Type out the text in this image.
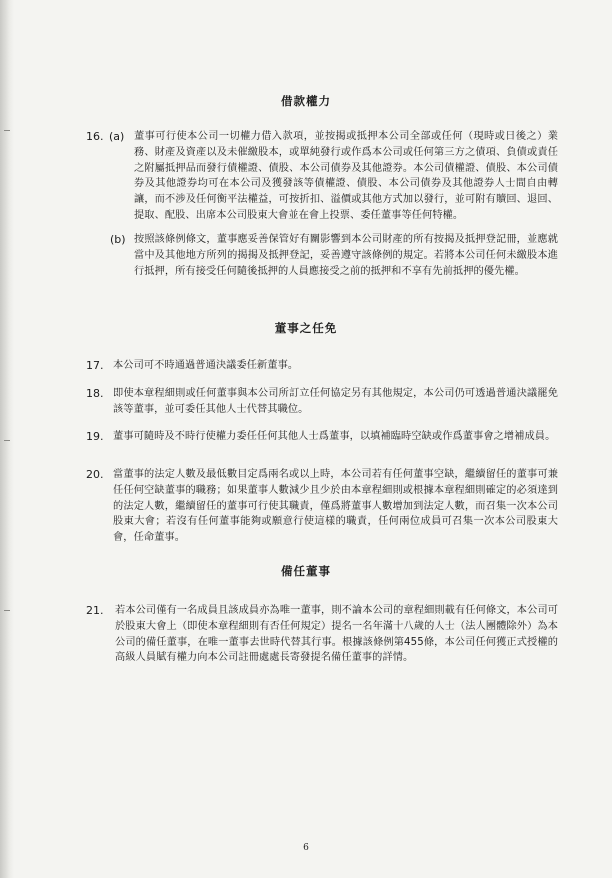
借款權力
16. (a) 董事可行使本公司一切權力借入款項，並按揭或抵押本公司全部或任何（現時或日後之）業務、財產及資產以及未催繳股本，或單純發行或作爲本公司或任何第三方之債項、負債或責任之附屬抵押品而發行債權證、債股、本公司債券及其他證券。本公司債權證、債股、本公司債券及其他證券均可在本公司及獲發該等債權證、債股、本公司債券及其他證券人士間自由轉讓，而不涉及任何衡平法權益，可按折扣、溢價或其他方式加以發行，並可附有贖回、退回、提取、配股、出席本公司股東大會並在會上投票、委任董事等任何特權。
(b) 按照該條例條文，董事應妥善保管好有關影響到本公司財產的所有按揭及抵押登記冊，並應就當中及其他地方所列的揭揭及抵押登記，妥善遵守該條例的規定。若將本公司任何未繳股本進行抵押，所有接受任何隨後抵押的人員應接受之前的抵押和不享有先前抵押的優先權。
董事之任免
17. 本公司可不時通過普通決議委任新董事。
18. 即使本章程細則或任何董事與本公司所訂立任何協定另有其他規定，本公司仍可透過普通決議罷免該等董事，並可委任其他人士代替其職位。
19. 董事可隨時及不時行使權力委任任何其他人士爲董事，以填補臨時空缺或作爲董事會之增補成員。
20. 當董事的法定人數及最低數目定爲兩名或以上時，本公司若有任何董事空缺，繼續留任的董事可兼任任何空缺董事的職務；如果董事人數減少且少於由本章程細則或根據本章程細則確定的必須達到的法定人數，繼續留任的董事可行使其職責，僅爲將董事人數增加到法定人數，而召集一次本公司股東大會；若沒有任何董事能夠或願意行使這樣的職責，任何兩位成員可召集一次本公司股東大會，任命董事。
備任董事
21. 若本公司僅有一名成員且該成員亦為唯一董事，則不論本公司的章程細則載有任何條文，本公司可於股東大會上（即使本章程細則有否任何規定）提名一名年滿十八歲的人士（法人團體除外）為本公司的備任董事，在唯一董事去世時代替其行事。根據該條例第455條，本公司任何獲正式授權的高級人員賦有權力向本公司註冊處處長寄發提名備任董事的詳情。
6
